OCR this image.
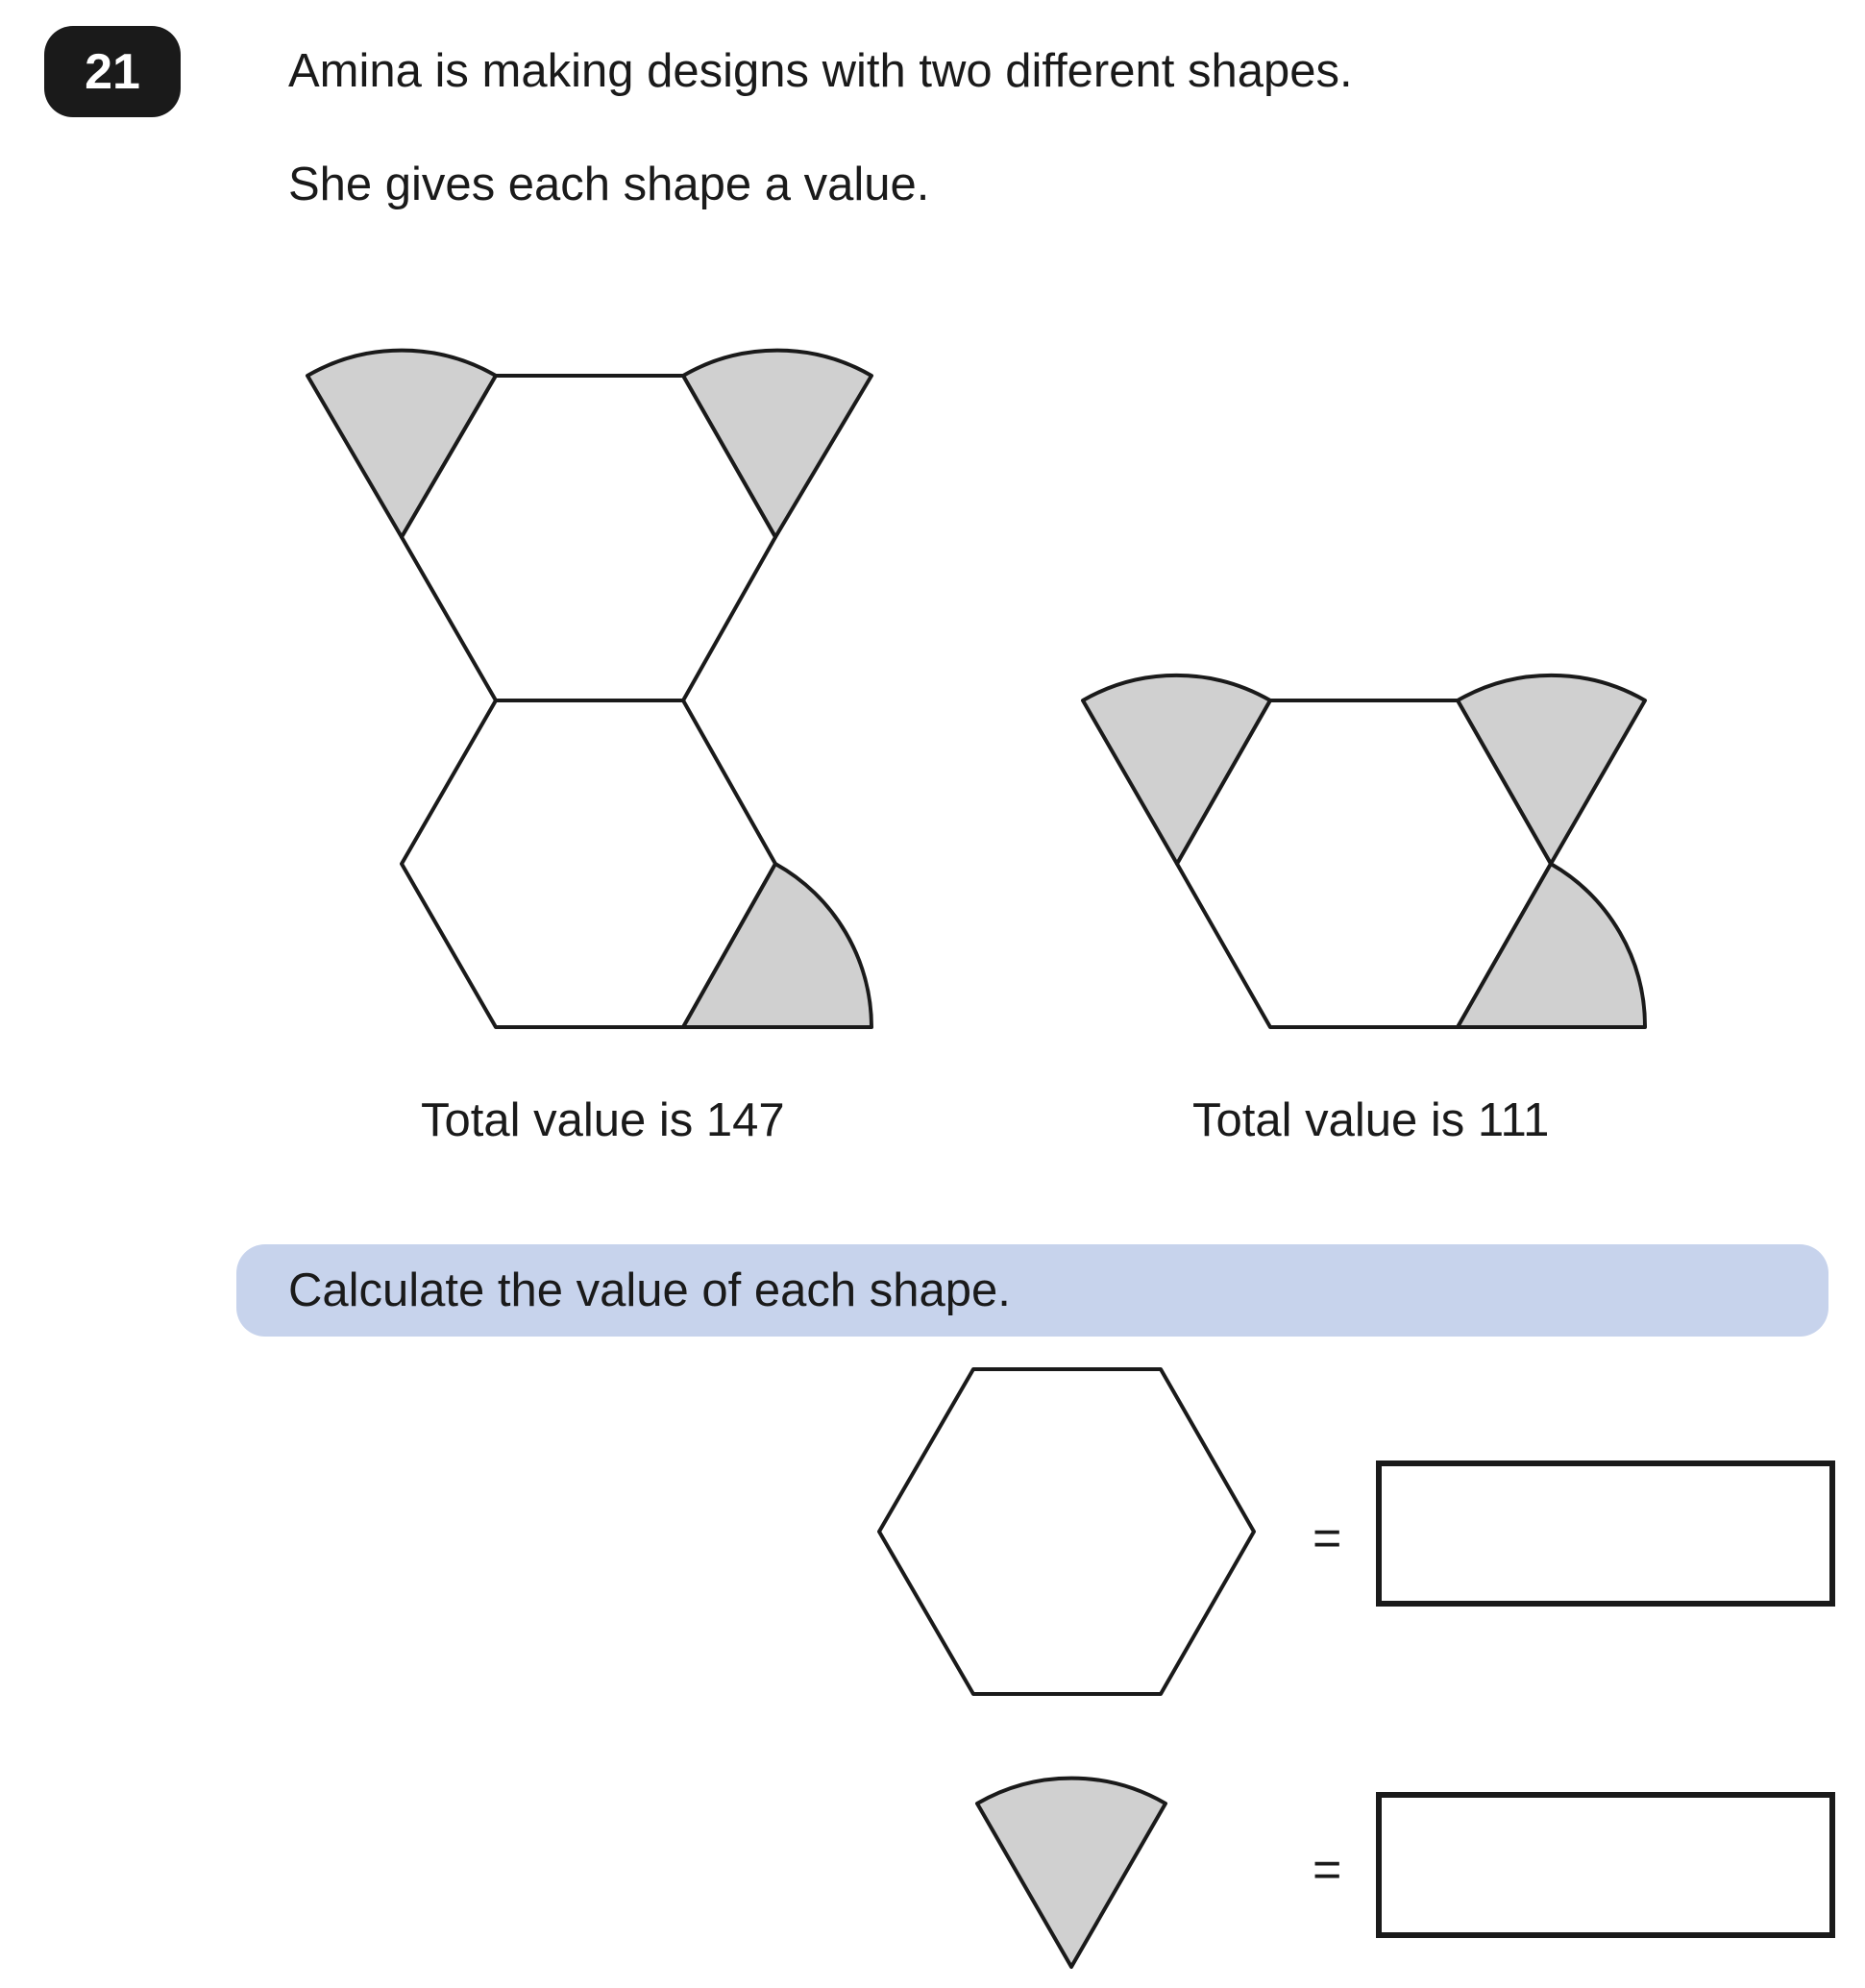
21	Amina is making designs with two different shapes.
She gives each shape a value.
Total value is 147	Total value is 111
Calculate the value of each shape.
=
=
